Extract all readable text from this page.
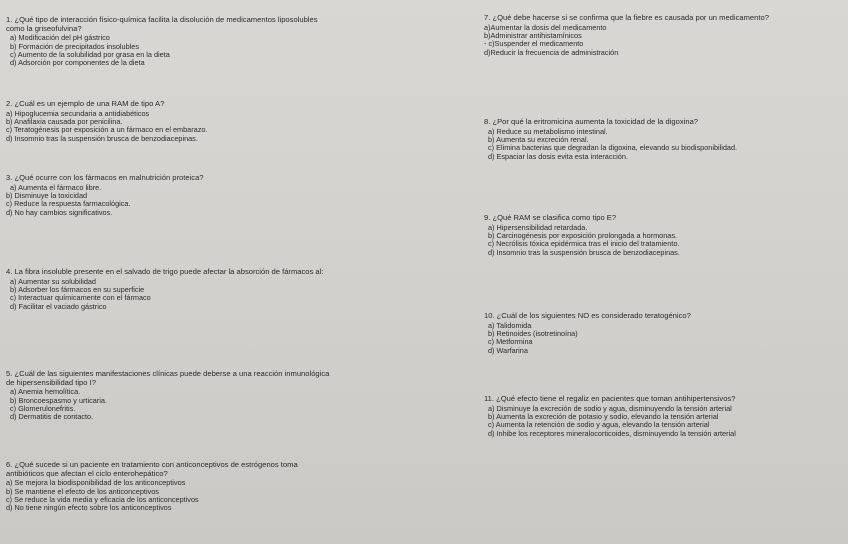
1. ¿Qué tipo de interacción físico-química facilita la disolución de medicamentos liposolubles como la griseofulvina?

a) Modificación del pH gástrico

b) Formación de precipitados insolubles

c) Aumento de la solubilidad por grasa en la dieta

d) Adsorción por componentes de la dieta

2. ¿Cuál es un ejemplo de una RAM de tipo A?

a) Hipoglucemia secundaria a antidiabéticos

b) Anafilaxia causada por penicilina.

c) Teratogénesis por exposición a un fármaco en el embarazo.

d) Insomnio tras la suspensión brusca de benzodiacepinas.

3. ¿Qué ocurre con los fármacos en malnutrición proteica?

a) Aumenta el fármaco libre.

b) Disminuye la toxicidad

c) Reduce la respuesta farmacológica.

d) No hay cambios significativos.

4. La fibra insoluble presente en el salvado de trigo puede afectar la absorción de fármacos al:

a) Aumentar su solubilidad

b) Adsorber los fármacos en su superficie

c) Interactuar químicamente con el fármaco

d) Facilitar el vaciado gástrico

5. ¿Cuál de las siguientes manifestaciones clínicas puede deberse a una reacción inmunológica de hipersensibilidad tipo I?

a) Anemia hemolítica.

b) Broncoespasmo y urticaria.

c) Glomerulonefritis.

d) Dermatitis de contacto.

6. ¿Qué sucede si un paciente en tratamiento con anticonceptivos de estrógenos toma antibióticos que afectan el ciclo enterohepático?

a) Se mejora la biodisponibilidad de los anticonceptivos

b) Se mantiene el efecto de los anticonceptivos

c) Se reduce la vida media y eficacia de los anticonceptivos

d) No tiene ningún efecto sobre los anticonceptivos

7. ¿Qué debe hacerse si se confirma que la fiebre es causada por un medicamento?

a)Aumentar la dosis del medicamento

b)Administrar antihistamínicos

- c)Suspender el medicamento

d)Reducir la frecuencia de administración

8. ¿Por qué la eritromicina aumenta la toxicidad de la digoxina?

a) Reduce su metabolismo intestinal.

b) Aumenta su excreción renal.

c) Elimina bacterias que degradan la digoxina, elevando su biodisponibilidad.

d) Espaciar las dosis evita esta interacción.

9. ¿Qué RAM se clasifica como tipo E?

a) Hipersensibilidad retardada.

b) Carcinogénesis por exposición prolongada a hormonas.

c) Necrólisis tóxica epidérmica tras el inicio del tratamiento.

d) Insomnio tras la suspensión brusca de benzodiacepinas.

10. ¿Cuál de los siguientes NO es considerado teratogénico?

a) Talidomida

b) Retinoides (isotretinoína)

c) Metformina

d) Warfarina

11. ¿Qué efecto tiene el regaliz en pacientes que toman antihipertensivos?

a) Disminuye la excreción de sodio y agua, disminuyendo la tensión arterial

b) Aumenta la excreción de potasio y sodio, elevando la tensión arterial

c) Aumenta la retención de sodio y agua, elevando la tensión arterial

d) Inhibe los receptores mineralocorticoides, disminuyendo la tensión arterial
